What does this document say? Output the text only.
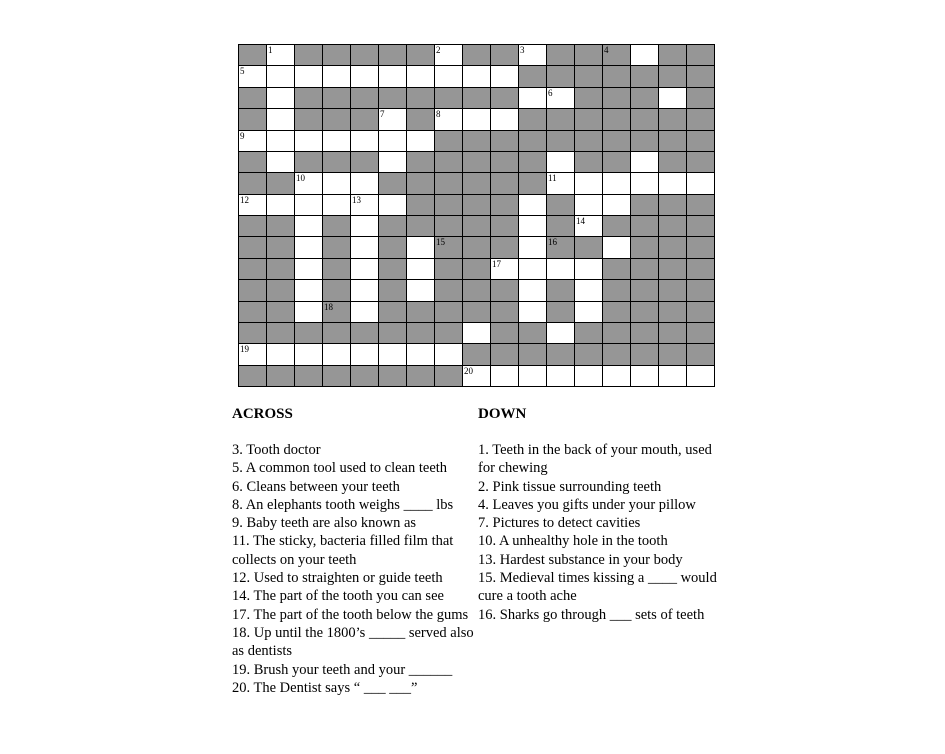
1	2	3	4
5
6
7	8
9
10	11
12	13
14
15	16
17
18
19
20
ACROSS	DOWN

3. Tooth doctor

5. A common tool used to clean teeth

6. Cleans between your teeth

8. An elephants tooth weighs ____ lbs

9. Baby teeth are also known as

11. The sticky, bacteria filled film that collects on your teeth

12. Used to straighten or guide teeth

14. The part of the tooth you can see

17. The part of the tooth below the gums

18. Up until the 1800’s _____ served also as dentists

19. Brush your teeth and your ______

20. The Dentist says “ ___ ___”

1. Teeth in the back of your mouth, used for chewing

2. Pink tissue surrounding teeth

4. Leaves you gifts under your pillow

7. Pictures to detect cavities

10. A unhealthy hole in the tooth

13. Hardest substance in your body

15. Medieval times kissing a ____ would cure a tooth ache

16. Sharks go through ___ sets of teeth
